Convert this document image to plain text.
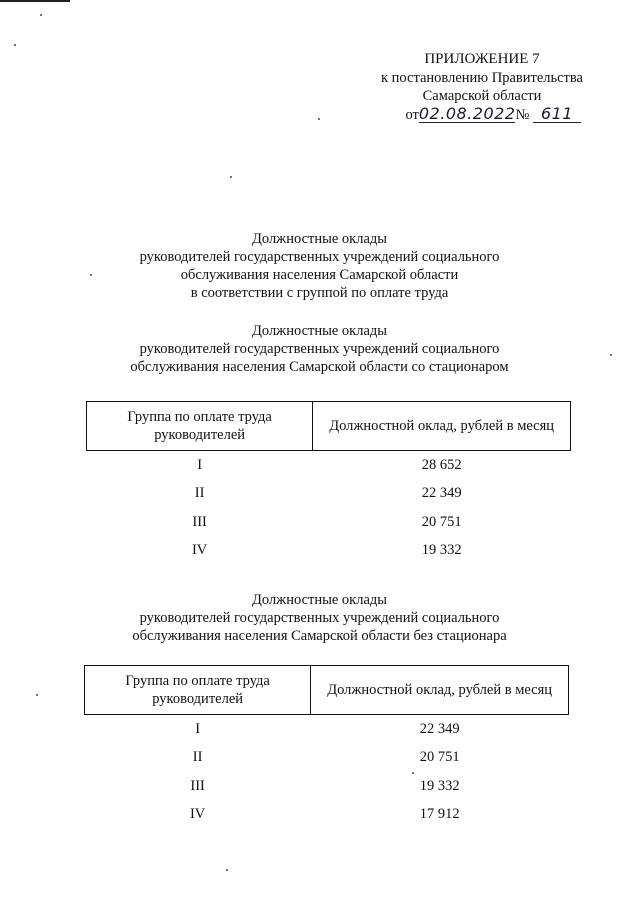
ПРИЛОЖЕНИЕ 7
к постановлению Правительства
Самарской области
от02.08.2022№ 611
Должностные оклады
руководителей государственных учреждений социального
обслуживания населения Самарской области
в соответствии с группой по оплате труда
Должностные оклады
руководителей государственных учреждений социального
обслуживания населения Самарской области со стационаром
Группа по оплате труда
руководителей	Должностной оклад, рублей в месяц
I	28 652
II	22 349
III	20 751
IV	19 332
Должностные оклады
руководителей государственных учреждений социального
обслуживания населения Самарской области без стационара
Группа по оплате труда
руководителей	Должностной оклад, рублей в месяц
I	22 349
II	20 751
III	19 332
IV	17 912
